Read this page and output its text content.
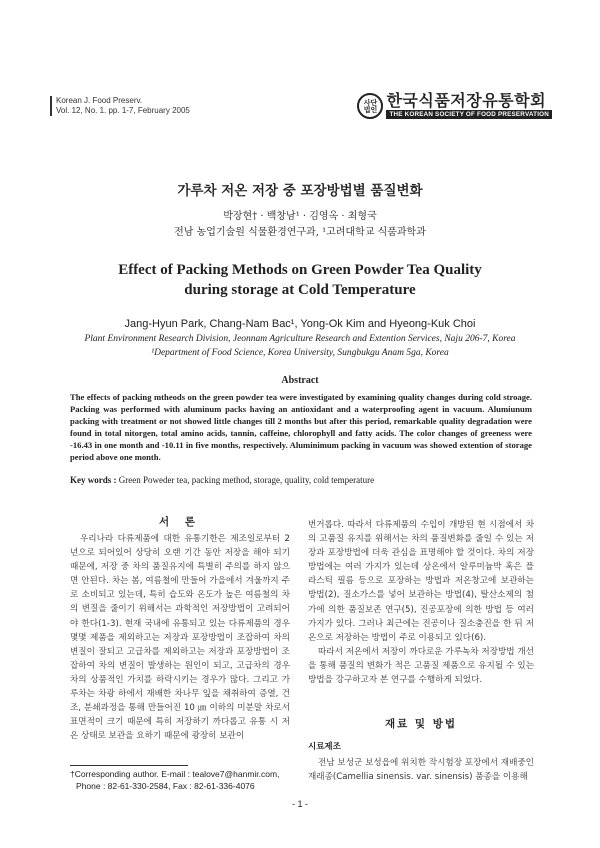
Korean J. Food Preserv.
Vol. 12, No. 1. pp. 1-7, February 2005
사단 법인 한국식품저장유통학회
THE KOREAN SOCIETY OF FOOD PRESERVATION
가루차 저온 저장 중 포장방법별 품질변화
박장현† · 백창남¹ · 김영옥 · 최형국
전남 농업기술원 식물환경연구과, ¹고려대학교 식품과학과
Effect of Packing Methods on Green Powder Tea Quality
during storage at Cold Temperature
Jang-Hyun Park, Chang-Nam Bac¹, Yong-Ok Kim and Hyeong-Kuk Choi
Plant Environment Research Division, Jeonnam Agriculture Research and Extention Services, Naju 206-7, Korea
¹Department of Food Science, Korea University, Sungbukgu Anam 5ga, Korea
Abstract
The effects of packing mtheods on the green powder tea were investigated by examining quality changes during cold stroage. Packing was performed with aluminum packs having an antioxidant and a waterproofing agent in vacuum. Alumiunum packing with treatment or not showed little changes till 2 months but after this period, remarkable quality degradation were found in total nitorgen, total amino acids, tannin, caffeine, chlorophyll and fatty acids. The color changes of greeness were -16.43 in one month and -10.11 in five months, respectively. Aluminimum packing in vacuum was showed extention of storage period above one month.
Key words : Green Poweder tea, packing method, storage, quality, cold temperature
서 론

우리나라 다류제품에 대한 유통기한은 제조일로부터 2년으로 되어있어 상당히 오랜 기간 동안 저장을 해야 되기 때문에, 저장 중 차의 품질유지에 특별히 주의를 하지 않으면 안된다. 차는 봄, 여름철에 만들어 가을에서 겨울까지 주로 소비되고 있는데, 특히 습도와 온도가 높은 여름철의 차의 변질을 줄이기 위해서는 과학적인 저장방법이 고려되어야 한다(1-3). 현재 국내에 유통되고 있는 다류제품의 경우 몇몇 제품을 제외하고는 저장과 포장방법이 조잡하여 차의 변질이 잘되고 고급차를 제외하고는 저장과 포장방법이 조잡하여 차의 변질이 발생하는 원인이 되고, 고급차의 경우 차의 상품적인 가치를 하락시키는 경우가 많다. 그리고 가루차는 차광 하에서 재배한 차나무 잎을 채취하여 증열, 건조, 분쇄과정을 통해 만들어진 10 ㎛ 이하의 미분말 차로서 표면적이 크기 때문에 특히 저장하기 까다롭고 유통 시 저온 상태로 보관을 요하기 때문에 광장히 보관이

번거롭다. 따라서 다류제품의 수입이 개방된 현 시점에서 차의 고품질 유지를 위해서는 차의 품질변화를 줄일 수 있는 저장과 포장방법에 더욱 관심을 표명해야 할 것이다. 차의 저장방법에는 여러 가지가 있는데 상온에서 알루미늄박 혹은 플라스틱 필름 등으로 포장하는 방법과 저온창고에 보관하는 방법(2), 질소가스를 넣어 보관하는 방법(4), 탈산소제의 첨가에 의한 품질보존 연구(5), 진공포장에 의한 방법 등 여러 가지가 있다. 그러나 최근에는 진공이나 질소충진을 한 뒤 저온으로 저장하는 방법이 주로 이용되고 있다(6).

따라서 저온에서 저장이 까다로운 가루녹차 저장방법 개선을 통해 품질의 변화가 적은 고품질 제품으로 유지될 수 있는 방법을 강구하고자 본 연구를 수행하게 되었다.

재료 및 방법
시료제조

전남 보성군 보성읍에 위치한 작시험장 포장에서 재배중인 재래종(Camellia sinensis. var. sinensis) 품종을 이용해

†Corresponding author. E-mail : tealove7@hanmir.com,
Phone : 82-61-330-2584, Fax : 82-61-336-4076
- 1 -
